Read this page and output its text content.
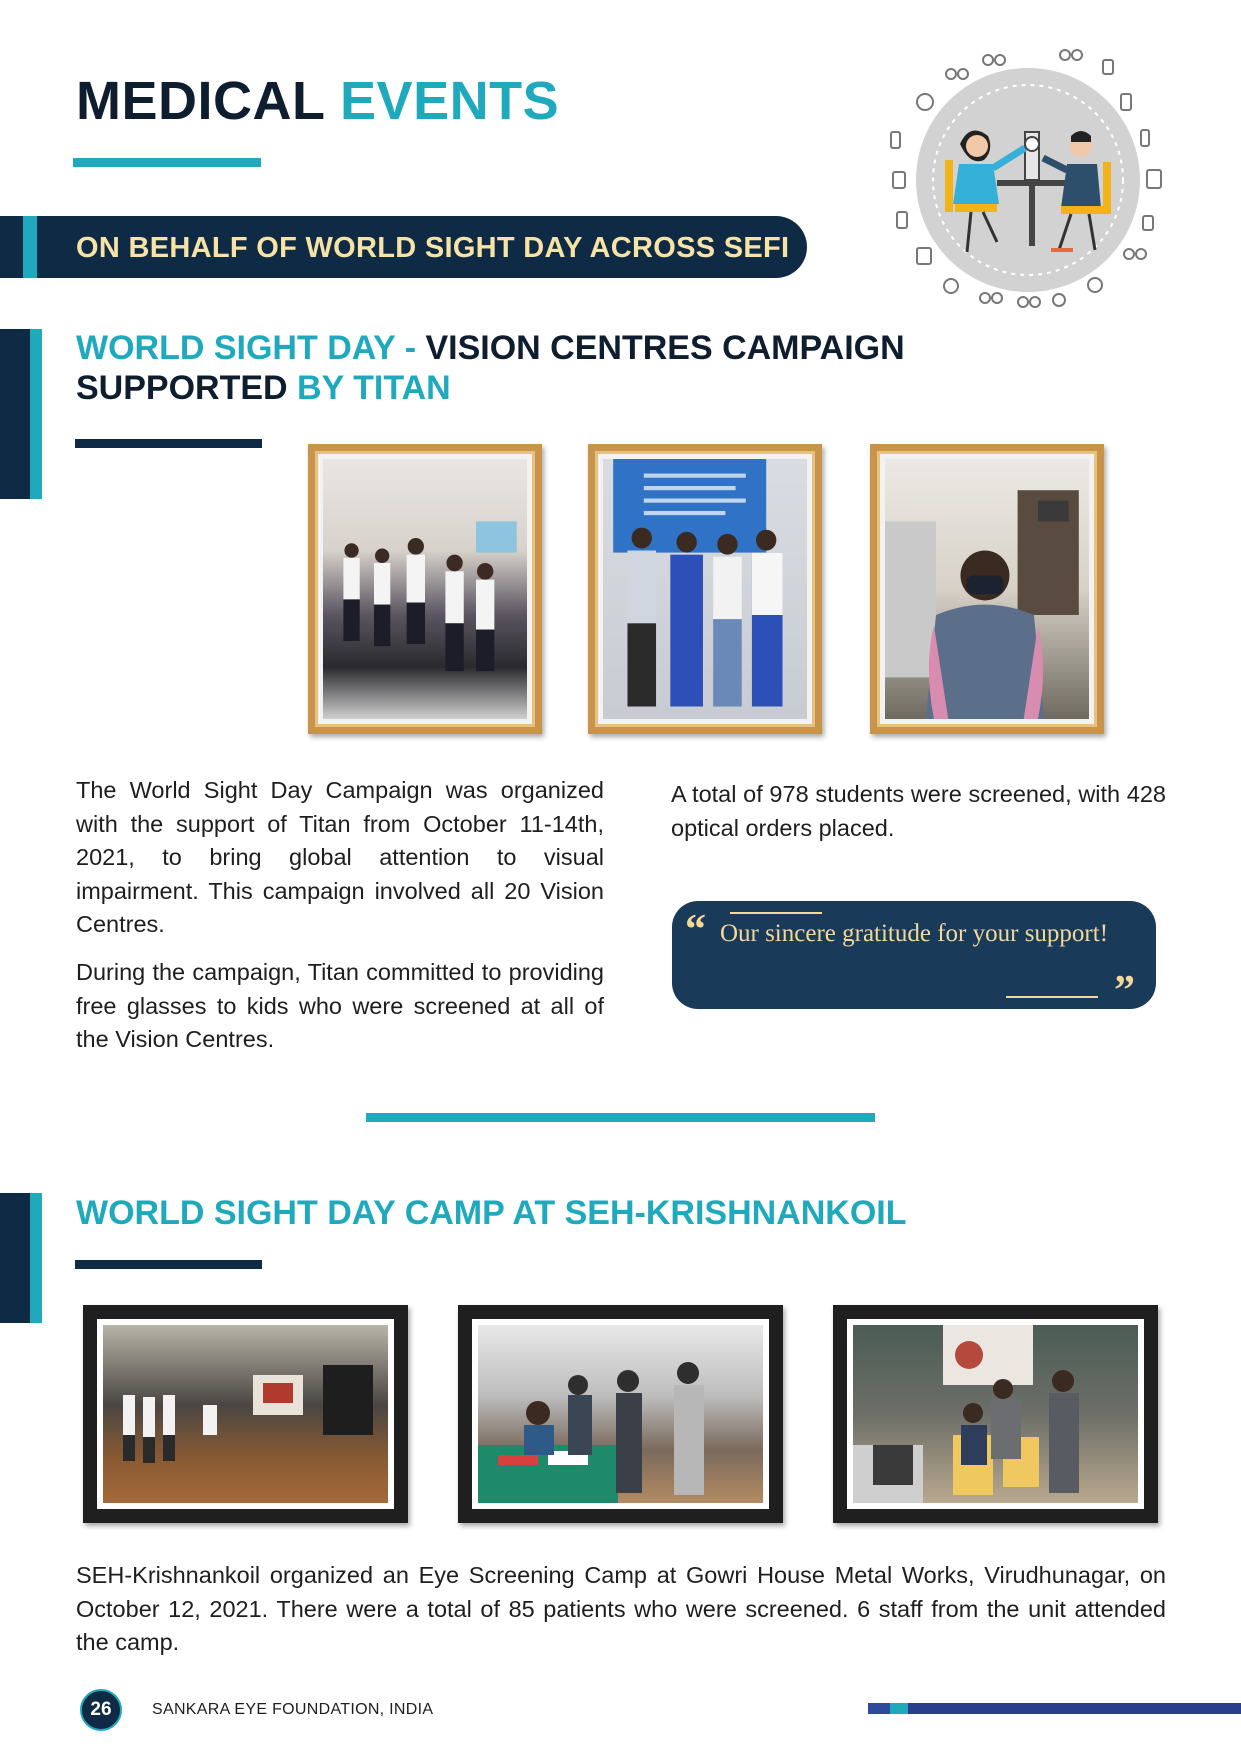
MEDICAL EVENTS
ON BEHALF OF WORLD SIGHT DAY ACROSS SEFI
WORLD SIGHT DAY - VISION CENTRES CAMPAIGN
SUPPORTED BY TITAN
The World Sight Day Campaign was organized with the support of Titan from October 11-14th, 2021, to bring global attention to visual impairment. This campaign involved all 20 Vision Centres.
During the campaign, Titan committed to providing free glasses to kids who were screened at all of the Vision Centres.
A total of 978 students were screened, with 428 optical orders placed.
“ Our sincere gratitude for your support!
”
WORLD SIGHT DAY CAMP AT SEH-KRISHNANKOIL
SEH-Krishnankoil organized an Eye Screening Camp at Gowri House Metal Works, Virudhunagar, on October 12, 2021. There were a total of 85 patients who were screened. 6 staff from the unit attended the camp.
26	SANKARA EYE FOUNDATION, INDIA
